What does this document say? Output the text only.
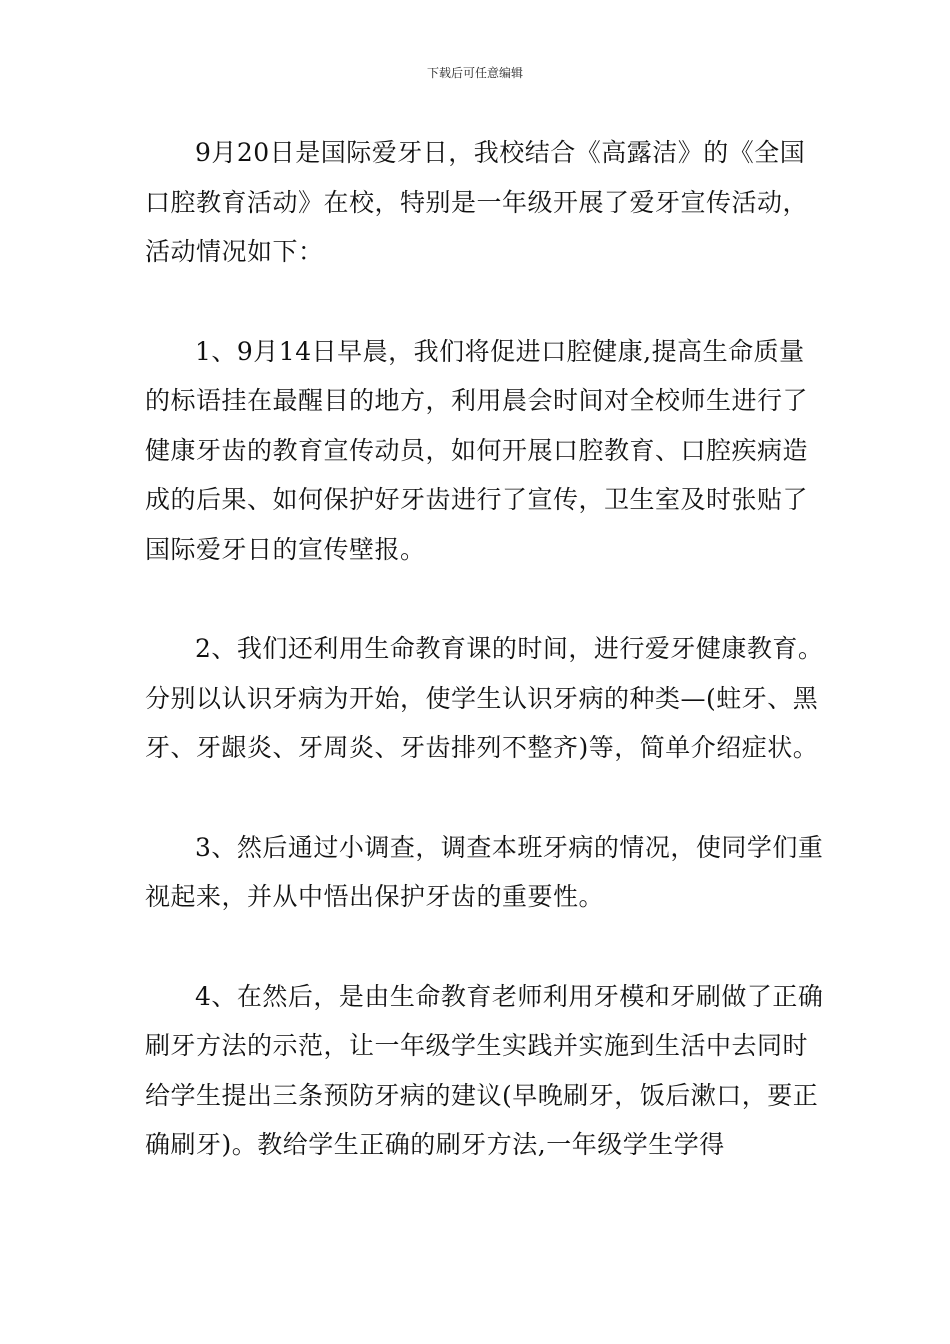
下载后可任意编辑

9月20日是国际爱牙日，我校结合《高露洁》的《全国口腔教育活动》在校，特别是一年级开展了爱牙宣传活动，活动情况如下：

1、9月14日早晨，我们将促进口腔健康,提高生命质量的标语挂在最醒目的地方，利用晨会时间对全校师生进行了健康牙齿的教育宣传动员，如何开展口腔教育、口腔疾病造成的后果、如何保护好牙齿进行了宣传，卫生室及时张贴了国际爱牙日的宣传壁报。

2、我们还利用生命教育课的时间，进行爱牙健康教育。分别以认识牙病为开始，使学生认识牙病的种类—(蛀牙、黑牙、牙龈炎、牙周炎、牙齿排列不整齐)等，简单介绍症状。

3、然后通过小调查，调查本班牙病的情况，使同学们重视起来，并从中悟出保护牙齿的重要性。

4、在然后，是由生命教育老师利用牙模和牙刷做了正确刷牙方法的示范，让一年级学生实践并实施到生活中去同时给学生提出三条预防牙病的建议(早晚刷牙，饭后漱口，要正确刷牙)。教给学生正确的刷牙方法,一年级学生学得
